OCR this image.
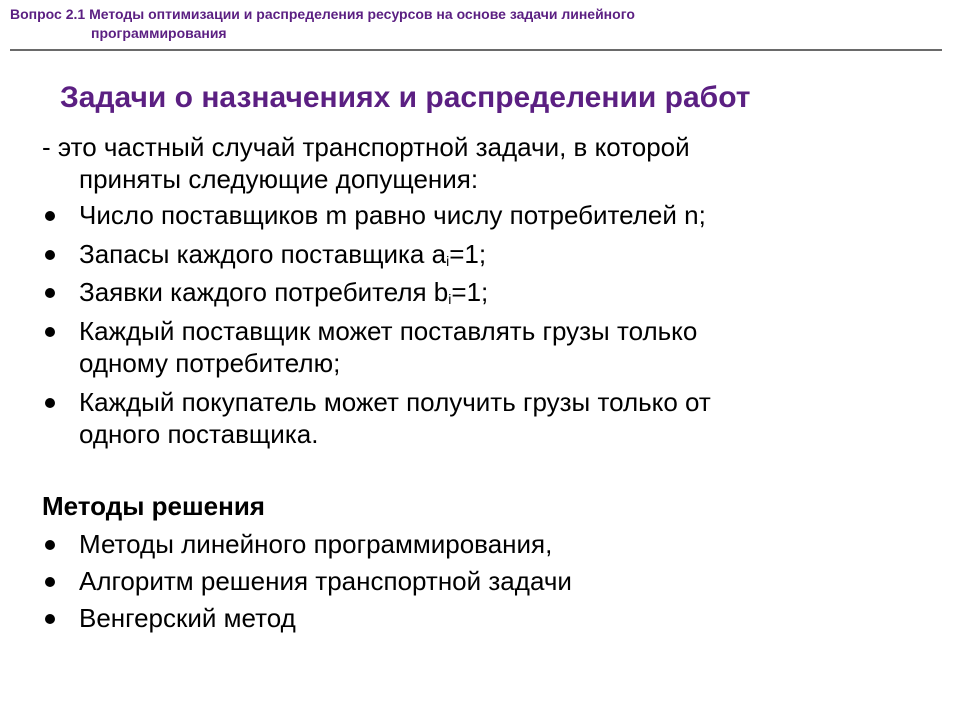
Вопрос 2.1 Методы оптимизации и распределения ресурсов на основе задачи линейного
программирования
Задачи о назначениях и распределении работ

- это частный случай транспортной задачи, в которой
приняты следующие допущения:

Число поставщиков m равно числу потребителей n;
Запасы каждого поставщика $a_i=1$;
Заявки каждого потребителя $b_i=1$;
Каждый поставщик может поставлять грузы только
одному потребителю;
Каждый покупатель может получить грузы только от
одного поставщика.
Методы решения
Методы линейного программирования,
Алгоритм решения транспортной задачи
Венгерский метод
